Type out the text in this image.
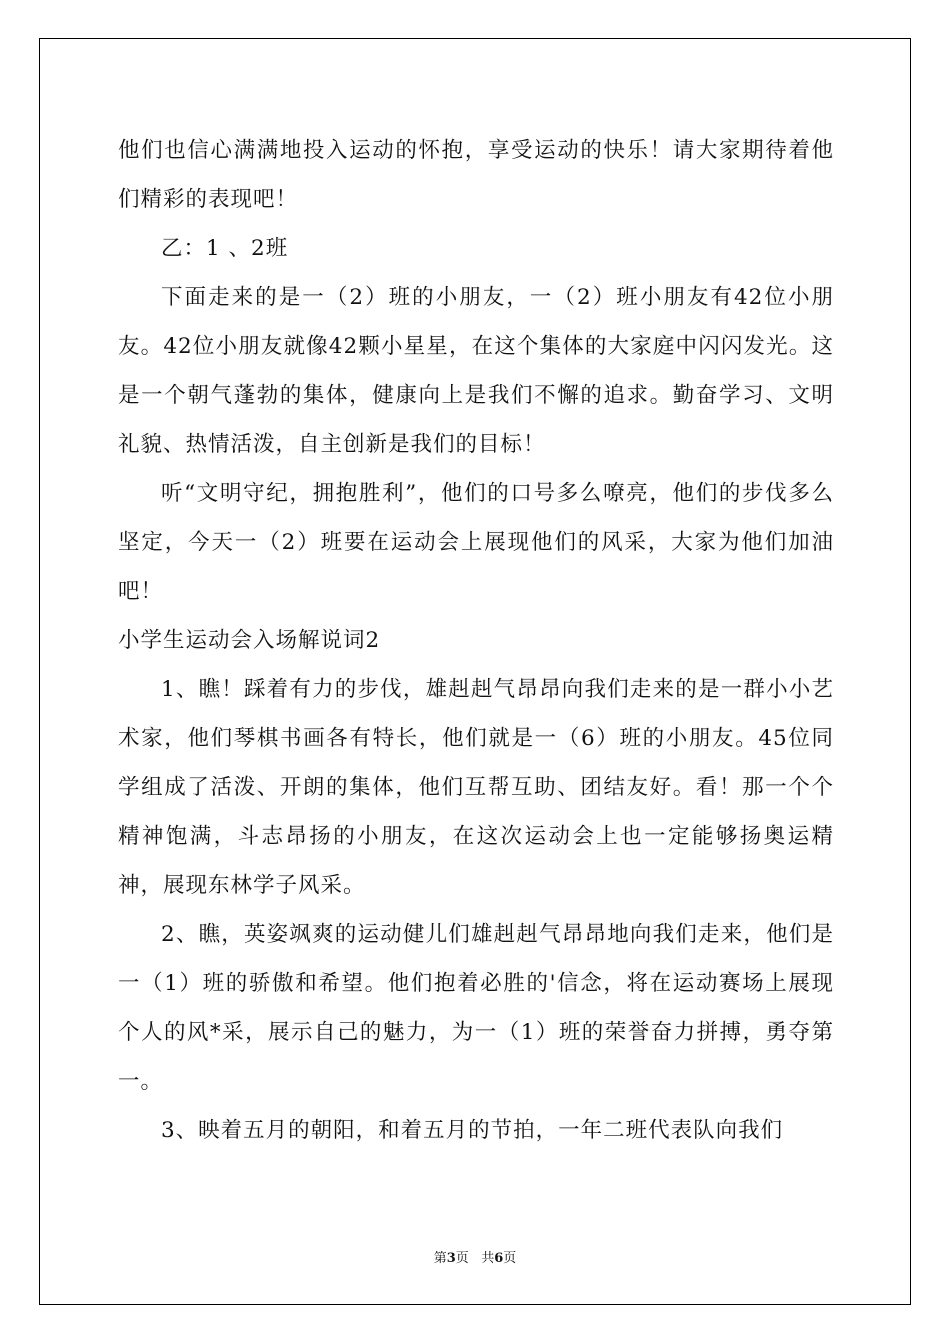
他们也信心满满地投入运动的怀抱，享受运动的快乐！请大家期待着他们精彩的表现吧！

乙：1 、2班

下面走来的是一（2）班的小朋友，一（2）班小朋友有42位小朋友。42位小朋友就像42颗小星星，在这个集体的大家庭中闪闪发光。这是一个朝气蓬勃的集体，健康向上是我们不懈的追求。勤奋学习、文明礼貌、热情活泼，自主创新是我们的目标！

听“文明守纪，拥抱胜利”，他们的口号多么嘹亮，他们的步伐多么坚定，今天一（2）班要在运动会上展现他们的风采，大家为他们加油吧！

小学生运动会入场解说词2

1、瞧！踩着有力的步伐，雄赳赳气昂昂向我们走来的是一群小小艺术家，他们琴棋书画各有特长，他们就是一（6）班的小朋友。45位同学组成了活泼、开朗的集体，他们互帮互助、团结友好。看！那一个个精神饱满，斗志昂扬的小朋友，在这次运动会上也一定能够扬奥运精神，展现东林学子风采。

2、瞧，英姿飒爽的运动健儿们雄赳赳气昂昂地向我们走来，他们是一（1）班的骄傲和希望。他们抱着必胜的'信念，将在运动赛场上展现个人的风*采，展示自己的魅力，为一（1）班的荣誉奋力拼搏，勇夺第一。

3、映着五月的朝阳，和着五月的节拍，一年二班代表队向我们

第3页 共6页
